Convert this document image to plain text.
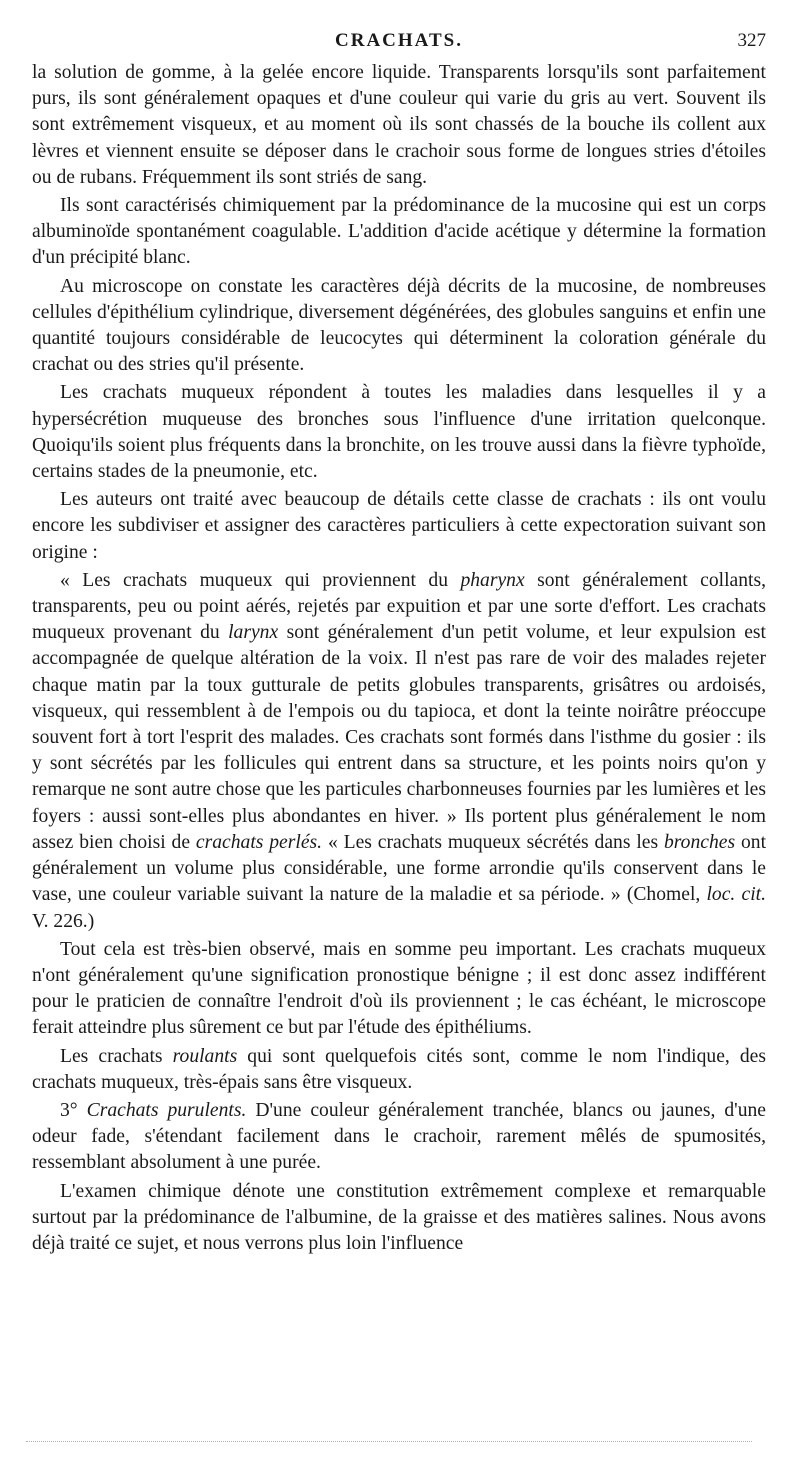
CRACHATS.	327

la solution de gomme, à la gelée encore liquide. Transparents lorsqu'ils sont parfaitement purs, ils sont généralement opaques et d'une couleur qui varie du gris au vert. Souvent ils sont extrêmement visqueux, et au moment où ils sont chassés de la bouche ils collent aux lèvres et viennent ensuite se déposer dans le crachoir sous forme de longues stries d'étoiles ou de rubans. Fréquemment ils sont striés de sang.

Ils sont caractérisés chimiquement par la prédominance de la mucosine qui est un corps albuminoïde spontanément coagulable. L'addition d'acide acétique y détermine la formation d'un précipité blanc.

Au microscope on constate les caractères déjà décrits de la mucosine, de nombreuses cellules d'épithélium cylindrique, diversement dégénérées, des globules sanguins et enfin une quantité toujours considérable de leucocytes qui déterminent la coloration générale du crachat ou des stries qu'il présente.

Les crachats muqueux répondent à toutes les maladies dans lesquelles il y a hypersécrétion muqueuse des bronches sous l'influence d'une irritation quelconque. Quoiqu'ils soient plus fréquents dans la bronchite, on les trouve aussi dans la fièvre typhoïde, certains stades de la pneumonie, etc.

Les auteurs ont traité avec beaucoup de détails cette classe de crachats : ils ont voulu encore les subdiviser et assigner des caractères particuliers à cette expectoration suivant son origine :

« Les crachats muqueux qui proviennent du pharynx sont généralement collants, transparents, peu ou point aérés, rejetés par expuition et par une sorte d'effort. Les crachats muqueux provenant du larynx sont généralement d'un petit volume, et leur expulsion est accompagnée de quelque altération de la voix. Il n'est pas rare de voir des malades rejeter chaque matin par la toux gutturale de petits globules transparents, grisâtres ou ardoisés, visqueux, qui ressemblent à de l'empois ou du tapioca, et dont la teinte noirâtre préoccupe souvent fort à tort l'esprit des malades. Ces crachats sont formés dans l'isthme du gosier : ils y sont sécrétés par les follicules qui entrent dans sa structure, et les points noirs qu'on y remarque ne sont autre chose que les particules charbonneuses fournies par les lumières et les foyers : aussi sont-elles plus abondantes en hiver. » Ils portent plus généralement le nom assez bien choisi de crachats perlés. « Les crachats muqueux sécrétés dans les bronches ont généralement un volume plus considérable, une forme arrondie qu'ils conservent dans le vase, une couleur variable suivant la nature de la maladie et sa période. » (Chomel, loc. cit. V. 226.)

Tout cela est très-bien observé, mais en somme peu important. Les crachats muqueux n'ont généralement qu'une signification pronostique bénigne ; il est donc assez indifférent pour le praticien de connaître l'endroit d'où ils proviennent ; le cas échéant, le microscope ferait atteindre plus sûrement ce but par l'étude des épithéliums.

Les crachats roulants qui sont quelquefois cités sont, comme le nom l'indique, des crachats muqueux, très-épais sans être visqueux.

3° Crachats purulents. D'une couleur généralement tranchée, blancs ou jaunes, d'une odeur fade, s'étendant facilement dans le crachoir, rarement mêlés de spumosités, ressemblant absolument à une purée.

L'examen chimique dénote une constitution extrêmement complexe et remarquable surtout par la prédominance de l'albumine, de la graisse et des matières salines. Nous avons déjà traité ce sujet, et nous verrons plus loin l'influence
